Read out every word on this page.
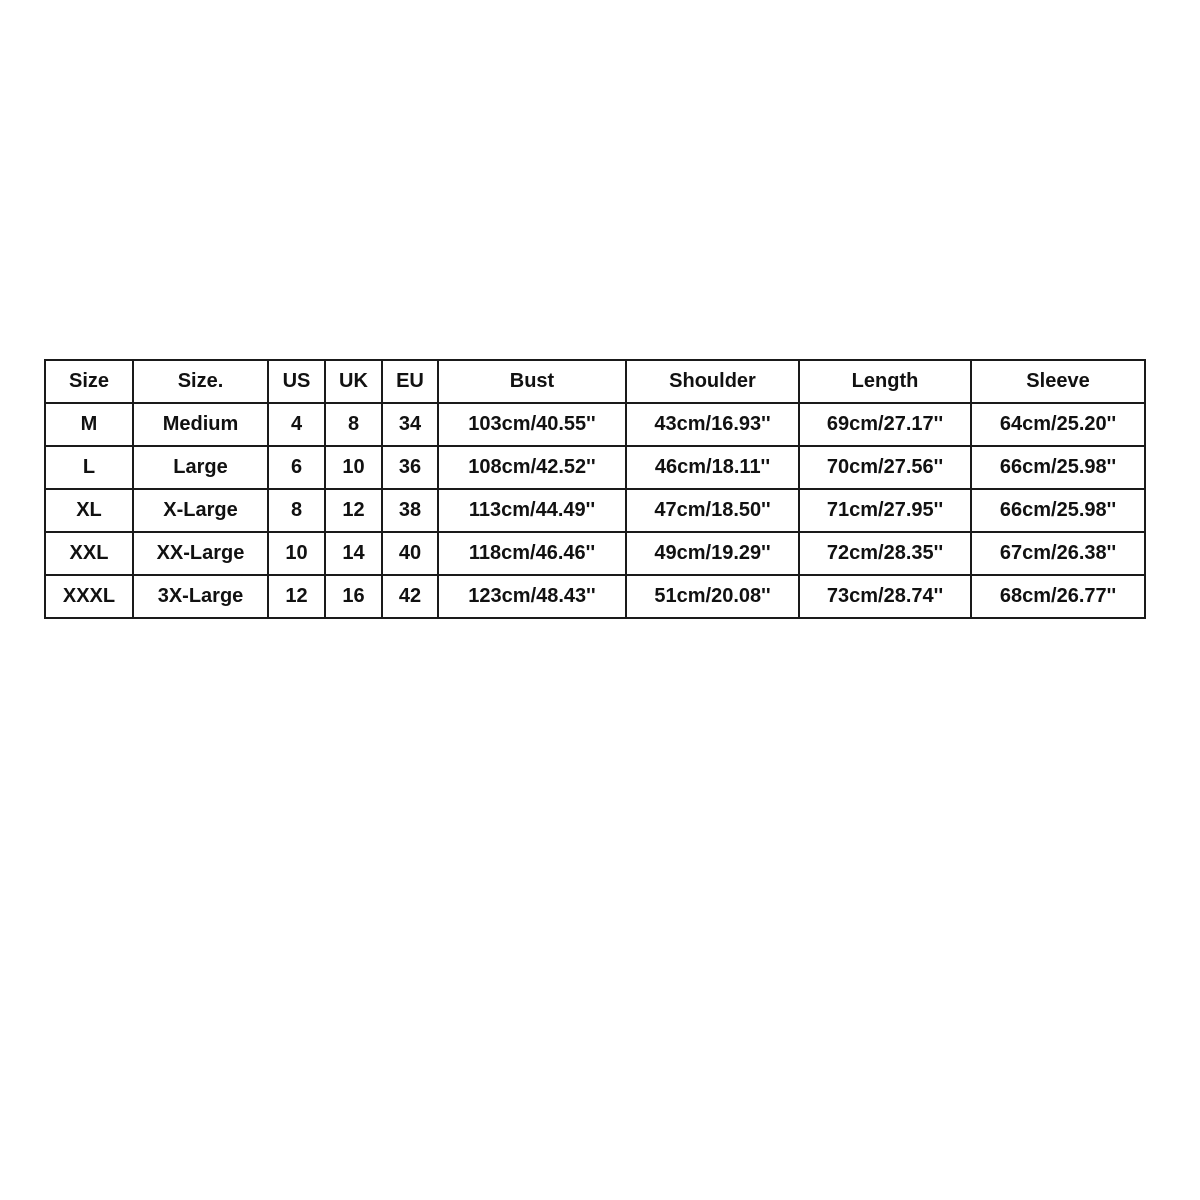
Size	Size.	US	UK	EU	Bust	Shoulder	Length	Sleeve
M	Medium	4	8	34	103cm/40.55''	43cm/16.93''	69cm/27.17''	64cm/25.20''
L	Large	6	10	36	108cm/42.52''	46cm/18.11''	70cm/27.56''	66cm/25.98''
XL	X-Large	8	12	38	113cm/44.49''	47cm/18.50''	71cm/27.95''	66cm/25.98''
XXL	XX-Large	10	14	40	118cm/46.46''	49cm/19.29''	72cm/28.35''	67cm/26.38''
XXXL	3X-Large	12	16	42	123cm/48.43''	51cm/20.08''	73cm/28.74''	68cm/26.77''
